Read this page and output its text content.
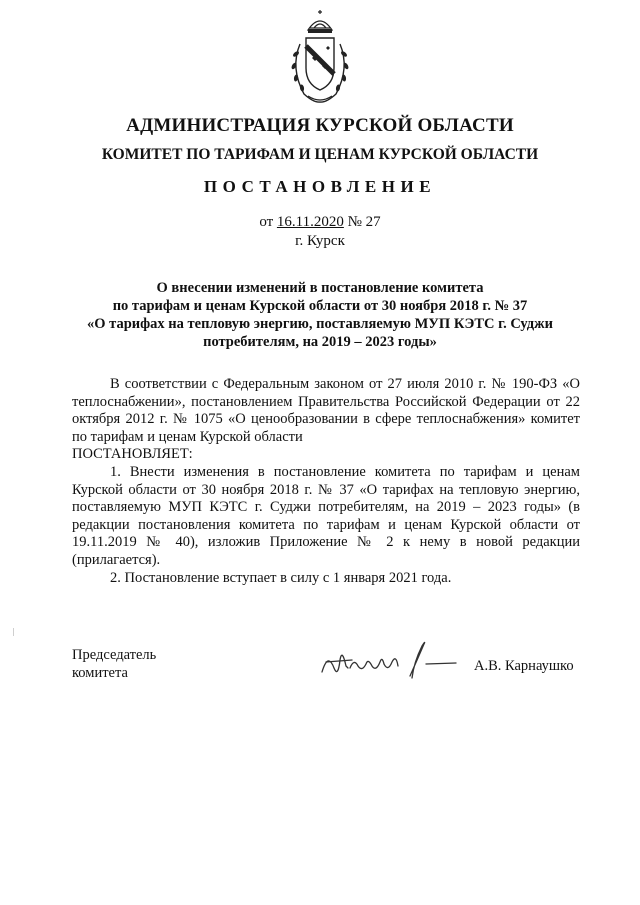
АДМИНИСТРАЦИЯ КУРСКОЙ ОБЛАСТИ
КОМИТЕТ ПО ТАРИФАМ И ЦЕНАМ КУРСКОЙ ОБЛАСТИ
ПОСТАНОВЛЕНИЕ
от 16.11.2020 № 27
г. Курск
О внесении изменений в постановление комитета
по тарифам и ценам Курской области от 30 ноября 2018 г. № 37
«О тарифах на тепловую энергию, поставляемую МУП КЭТС г. Суджи
потребителям, на 2019 – 2023 годы»

В соответствии с Федеральным законом от 27 июля 2010 г. № 190-ФЗ «О теплоснабжении», постановлением Правительства Российской Федерации от 22 октября 2012 г. № 1075 «О ценообразовании в сфере теплоснабжения» комитет по тарифам и ценам Курской области

ПОСТАНОВЛЯЕТ:

1. Внести изменения в постановление комитета по тарифам и ценам Курской области от 30 ноября 2018 г. № 37 «О тарифах на тепловую энергию, поставляемую МУП КЭТС г. Суджи потребителям, на 2019 – 2023 годы» (в редакции постановления комитета по тарифам и ценам Курской области от 19.11.2019 № 40), изложив Приложение № 2 к нему в новой редакции (прилагается).

2. Постановление вступает в силу с 1 января 2021 года.

Председатель
комитета	А.В. Карнаушко
